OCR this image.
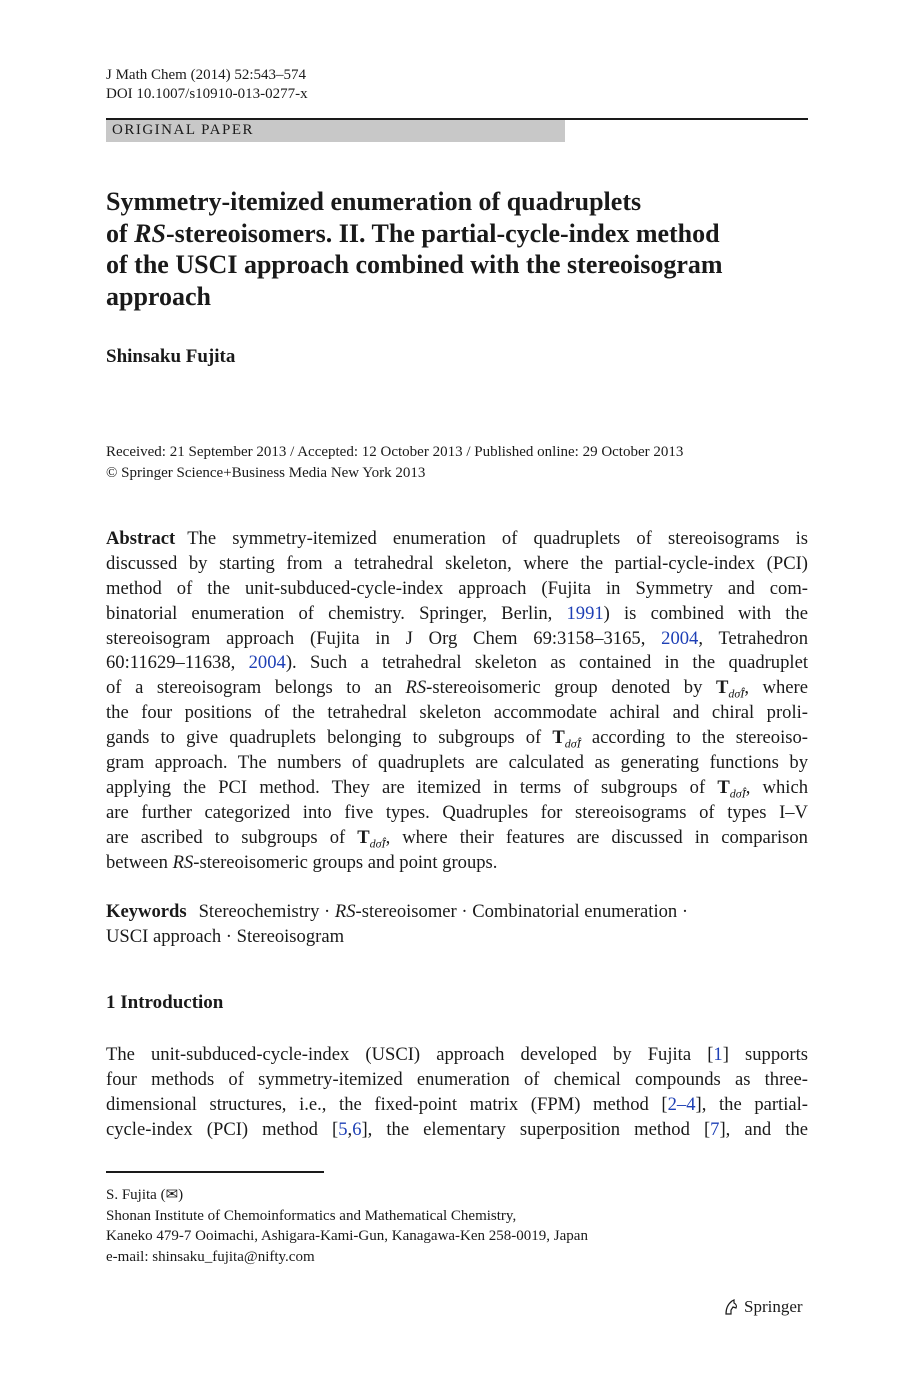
J Math Chem (2014) 52:543–574
DOI 10.1007/s10910-013-0277-x
ORIGINAL PAPER
Symmetry-itemized enumeration of quadruplets
of RS-stereoisomers. II. The partial-cycle-index method
of the USCI approach combined with the stereoisogram
approach
Shinsaku Fujita
Received: 21 September 2013 / Accepted: 12 October 2013 / Published online: 29 October 2013
© Springer Science+Business Media New York 2013
Abstract The symmetry-itemized enumeration of quadruplets of stereoisograms is
discussed by starting from a tetrahedral skeleton, where the partial-cycle-index (PCI)
method of the unit-subduced-cycle-index approach (Fujita in Symmetry and com-
binatorial enumeration of chemistry. Springer, Berlin, 1991) is combined with the
stereoisogram approach (Fujita in J Org Chem 69:3158–3165, 2004, Tetrahedron
60:11629–11638, 2004). Such a tetrahedral skeleton as contained in the quadruplet
of a stereoisogram belongs to an RS-stereoisomeric group denoted by $T_{d\sigmãÎ}$, where
the four positions of the tetrahedral skeleton accommodate achiral and chiral proli-
gands to give quadruplets belonging to subgroups of $T_{d\sigmãÎ}$ according to the stereoiso-
gram approach. The numbers of quadruplets are calculated as generating functions by
applying the PCI method. They are itemized in terms of subgroups of $T_{d\sigmãÎ}$, which
are further categorized into five types. Quadruples for stereoisograms of types I–V
are ascribed to subgroups of $T_{d\sigmãÎ}$, where their features are discussed in comparison
between RS-stereoisomeric groups and point groups.
Keywords Stereochemistry · RS-stereoisomer · Combinatorial enumeration ·
USCI approach · Stereoisogram
1 Introduction
The unit-subduced-cycle-index (USCI) approach developed by Fujita [1] supports
four methods of symmetry-itemized enumeration of chemical compounds as three-
dimensional structures, i.e., the fixed-point matrix (FPM) method [2–4], the partial-
cycle-index (PCI) method [5,6], the elementary superposition method [7], and the
S. Fujita (✉)
Shonan Institute of Chemoinformatics and Mathematical Chemistry,
Kaneko 479-7 Ooimachi, Ashigara-Kami-Gun, Kanagawa-Ken 258-0019, Japan
e-mail: shinsaku_fujita@nifty.com
Springer
